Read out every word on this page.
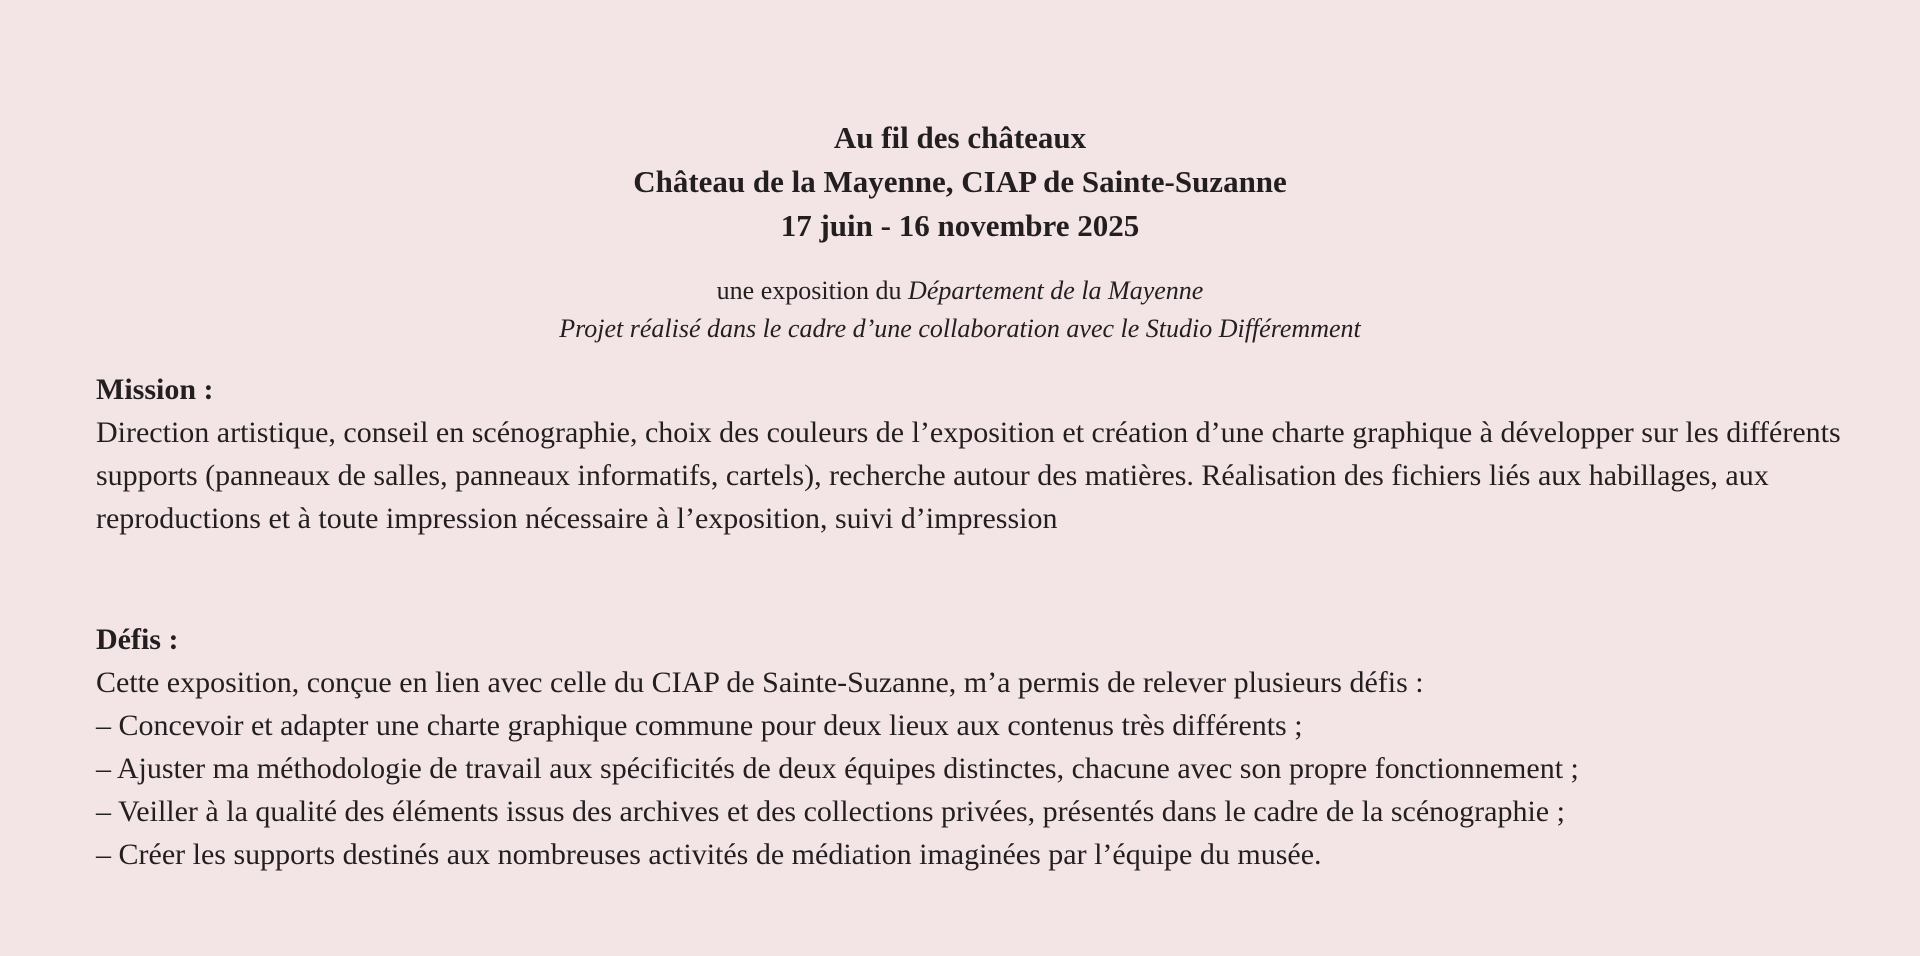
Au fil des châteaux
Château de la Mayenne, CIAP de Sainte-Suzanne
17 juin - 16 novembre 2025
une exposition du Département de la Mayenne
Projet réalisé dans le cadre d’une collaboration avec le Studio Différemment
Mission :

Direction artistique, conseil en scénographie, choix des couleurs de l’exposition et création d’une charte graphique à développer sur les différents supports (panneaux de salles, panneaux informatifs, cartels), recherche autour des matières. Réalisation des fichiers liés aux habillages, aux reproductions et à toute impression nécessaire à l’exposition, suivi d’impression

Défis :
Cette exposition, conçue en lien avec celle du CIAP de Sainte-Suzanne, m’a permis de relever plusieurs défis :
– Concevoir et adapter une charte graphique commune pour deux lieux aux contenus très différents ;
– Ajuster ma méthodologie de travail aux spécificités de deux équipes distinctes, chacune avec son propre fonctionnement ;
– Veiller à la qualité des éléments issus des archives et des collections privées, présentés dans le cadre de la scénographie ;
– Créer les supports destinés aux nombreuses activités de médiation imaginées par l’équipe du musée.
